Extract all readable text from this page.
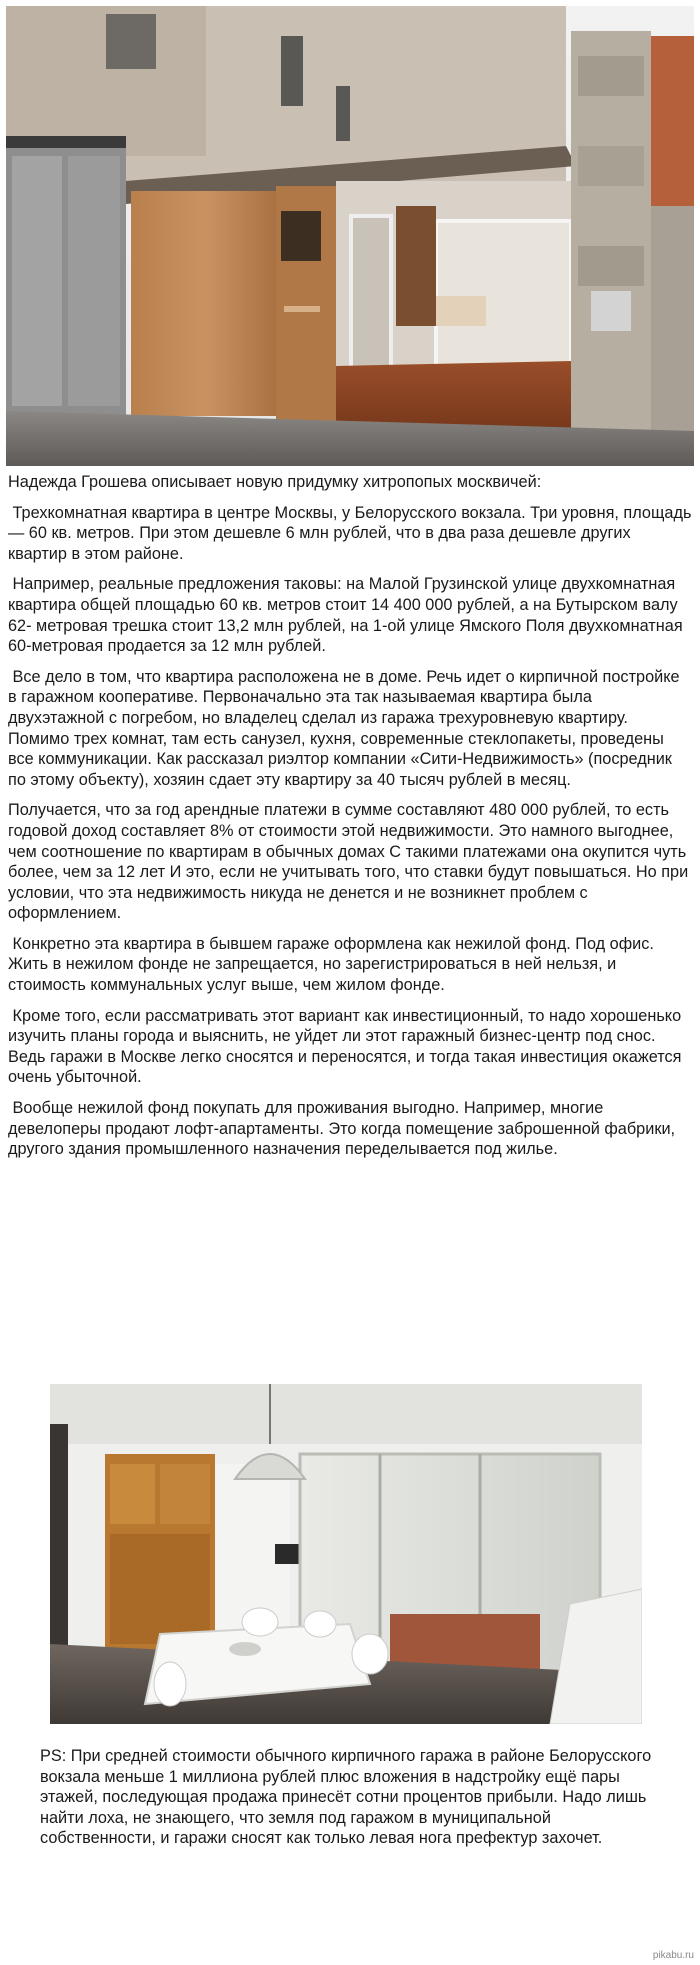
Надежда Грошева описывает новую придумку хитропопых москвичей:

Трехкомнатная квартира в центре Москвы, у Белорусского вокзала. Три уровня, площадь — 60 кв. метров. При этом дешевле 6 млн рублей, что в два раза дешевле других квартир в этом районе.

Например, реальные предложения таковы: на Малой Грузинской улице двухкомнатная квартира общей площадью 60 кв. метров стоит 14 400 000 рублей, а на Бутырском валу 62- метровая трешка стоит 13,2 млн рублей, на 1-ой улице Ямского Поля двухкомнатная 60-метровая продается за 12 млн рублей.

Все дело в том, что квартира расположена не в доме. Речь идет о кирпичной постройке в гаражном кооперативе. Первоначально эта так называемая квартира была двухэтажной с погребом, но владелец сделал из гаража трехуровневую квартиру. Помимо трех комнат, там есть санузел, кухня, современные стеклопакеты, проведены все коммуникации. Как рассказал риэлтор компании «Сити-Недвижимость» (посредник по этому объекту), хозяин сдает эту квартиру за 40 тысяч рублей в месяц.

Получается, что за год арендные платежи в сумме составляют 480 000 рублей, то есть годовой доход составляет 8% от стоимости этой недвижимости. Это намного выгоднее, чем соотношение по квартирам в обычных домах С такими платежами она окупится чуть более, чем за 12 лет И это, если не учитывать того, что ставки будут повышаться. Но при условии, что эта недвижимость никуда не денется и не возникнет проблем с оформлением.

Конкретно эта квартира в бывшем гараже оформлена как нежилой фонд. Под офис. Жить в нежилом фонде не запрещается, но зарегистрироваться в ней нельзя, и стоимость коммунальных услуг выше, чем жилом фонде.

Кроме того, если рассматривать этот вариант как инвестиционный, то надо хорошенько изучить планы города и выяснить, не уйдет ли этот гаражный бизнес-центр под снос. Ведь гаражи в Москве легко сносятся и переносятся, и тогда такая инвестиция окажется очень убыточной.

Вообще нежилой фонд покупать для проживания выгодно. Например, многие девелоперы продают лофт-апартаменты. Это когда помещение заброшенной фабрики, другого здания промышленного назначения переделывается под жилье.

PS: При средней стоимости обычного кирпичного гаража в районе Белорусского вокзала меньше 1 миллиона рублей плюс вложения в надстройку ещё пары этажей, последующая продажа принесёт сотни процентов прибыли. Надо лишь найти лоха, не знающего, что земля под гаражом в муниципальной собственности, и гаражи сносят как только левая нога префектур захочет.

pikabu.ru
